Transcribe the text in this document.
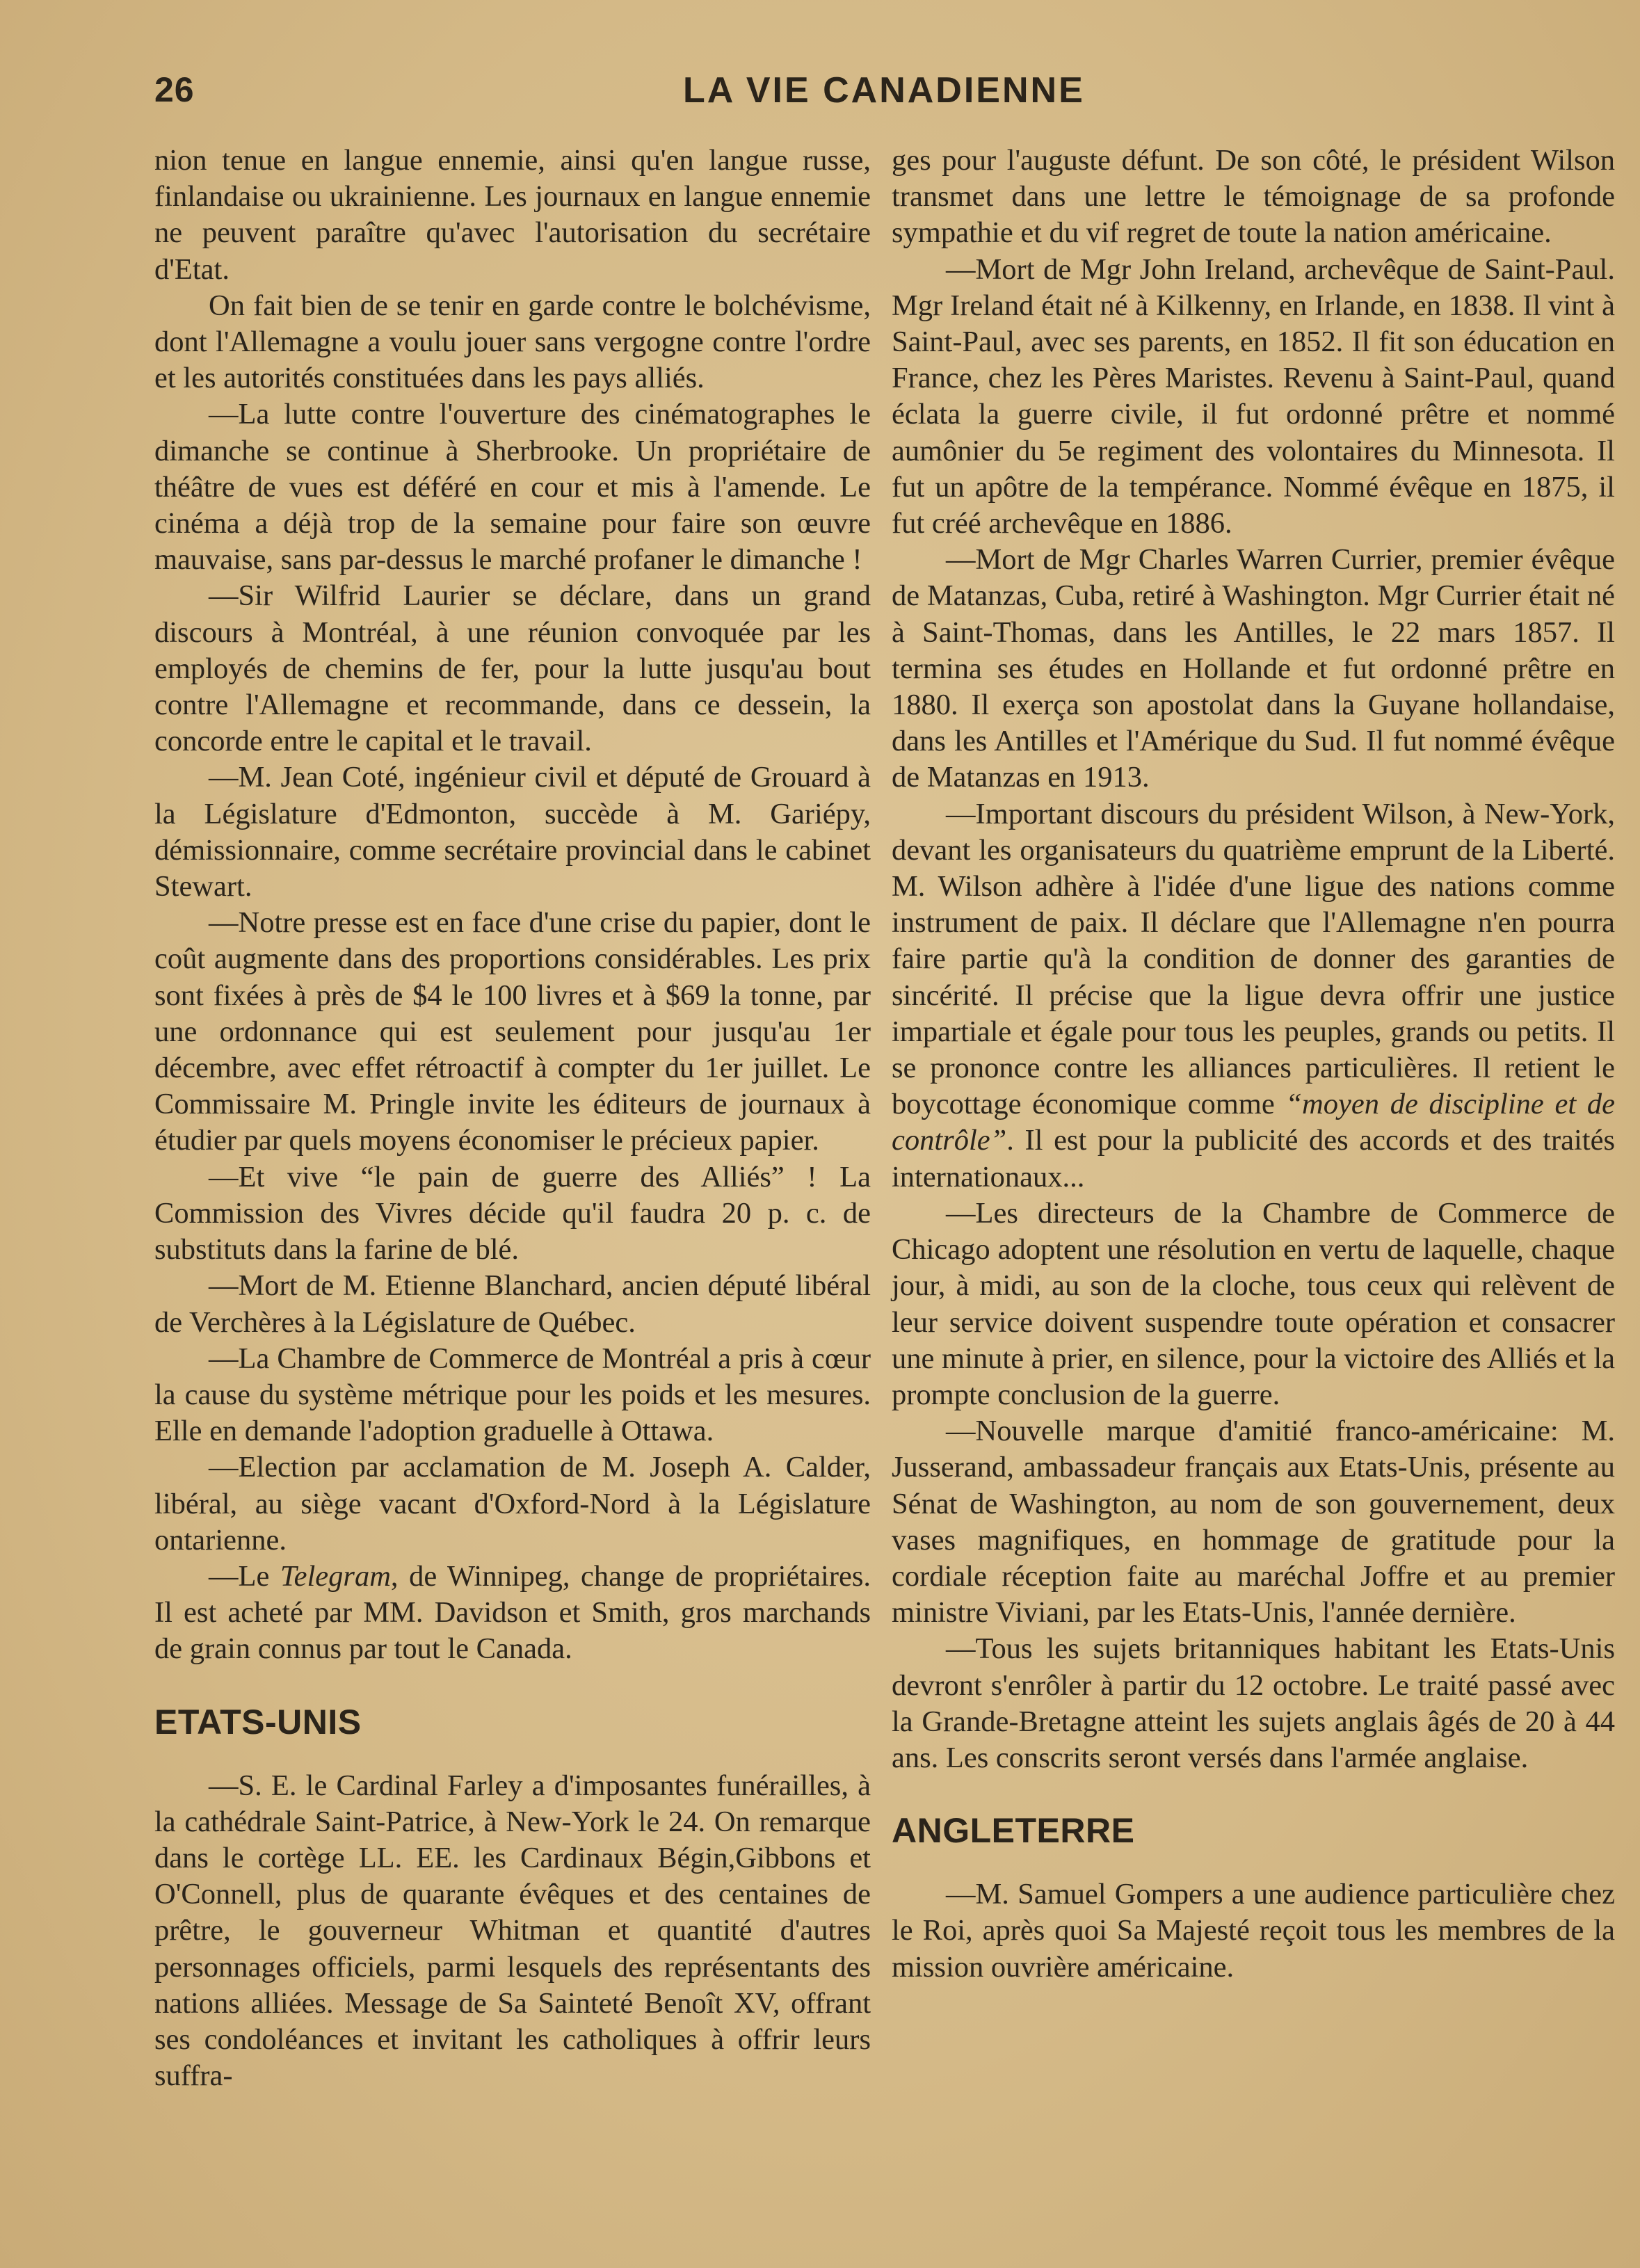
26	LA VIE CANADIENNE

nion tenue en langue ennemie, ainsi qu'en langue russe, finlandaise ou ukrainienne. Les journaux en langue ennemie ne peuvent paraître qu'avec l'autorisation du secrétaire d'Etat.

On fait bien de se tenir en garde contre le bolchévisme, dont l'Allemagne a voulu jouer sans vergogne contre l'ordre et les autorités constituées dans les pays alliés.

—La lutte contre l'ouverture des cinématographes le dimanche se continue à Sherbrooke. Un propriétaire de théâtre de vues est déféré en cour et mis à l'amende. Le cinéma a déjà trop de la semaine pour faire son œuvre mauvaise, sans par-dessus le marché profaner le dimanche !

—Sir Wilfrid Laurier se déclare, dans un grand discours à Montréal, à une réunion convoquée par les employés de chemins de fer, pour la lutte jusqu'au bout contre l'Allemagne et recommande, dans ce dessein, la concorde entre le capital et le travail.

—M. Jean Coté, ingénieur civil et député de Grouard à la Législature d'Edmonton, succède à M. Gariépy, démissionnaire, comme secrétaire provincial dans le cabinet Stewart.

—Notre presse est en face d'une crise du papier, dont le coût augmente dans des proportions considérables. Les prix sont fixées à près de $4 le 100 livres et à $69 la tonne, par une ordonnance qui est seulement pour jusqu'au 1er décembre, avec effet rétroactif à compter du 1er juillet. Le Commissaire M. Pringle invite les éditeurs de journaux à étudier par quels moyens économiser le précieux papier.

—Et vive “le pain de guerre des Alliés” ! La Commission des Vivres décide qu'il faudra 20 p. c. de substituts dans la farine de blé.

—Mort de M. Etienne Blanchard, ancien député libéral de Verchères à la Législature de Québec.

—La Chambre de Commerce de Montréal a pris à cœur la cause du système métrique pour les poids et les mesures. Elle en demande l'adoption graduelle à Ottawa.

—Election par acclamation de M. Joseph A. Calder, libéral, au siège vacant d'Oxford-Nord à la Législature ontarienne.

—Le Telegram, de Winnipeg, change de propriétaires. Il est acheté par MM. Davidson et Smith, gros marchands de grain connus par tout le Canada.

ETATS-UNIS

—S. E. le Cardinal Farley a d'imposantes funérailles, à la cathédrale Saint-Patrice, à New-York le 24. On remarque dans le cortège LL. EE. les Cardinaux Bégin,Gibbons et O'Connell, plus de quarante évêques et des centaines de prêtre, le gouverneur Whitman et quantité d'autres personnages officiels, parmi lesquels des représentants des nations alliées. Message de Sa Sainteté Benoît XV, offrant ses condoléances et invitant les catholiques à offrir leurs suffra-

ges pour l'auguste défunt. De son côté, le président Wilson transmet dans une lettre le témoignage de sa profonde sympathie et du vif regret de toute la nation américaine.

—Mort de Mgr John Ireland, archevêque de Saint-Paul. Mgr Ireland était né à Kilkenny, en Irlande, en 1838. Il vint à Saint-Paul, avec ses parents, en 1852. Il fit son éducation en France, chez les Pères Maristes. Revenu à Saint-Paul, quand éclata la guerre civile, il fut ordonné prêtre et nommé aumônier du 5e regiment des volontaires du Minnesota. Il fut un apôtre de la tempérance. Nommé évêque en 1875, il fut créé archevêque en 1886.

—Mort de Mgr Charles Warren Currier, premier évêque de Matanzas, Cuba, retiré à Washington. Mgr Currier était né à Saint-Thomas, dans les Antilles, le 22 mars 1857. Il termina ses études en Hollande et fut ordonné prêtre en 1880. Il exerça son apostolat dans la Guyane hollandaise, dans les Antilles et l'Amérique du Sud. Il fut nommé évêque de Matanzas en 1913.

—Important discours du président Wilson, à New-York, devant les organisateurs du quatrième emprunt de la Liberté. M. Wilson adhère à l'idée d'une ligue des nations comme instrument de paix. Il déclare que l'Allemagne n'en pourra faire partie qu'à la condition de donner des garanties de sincérité. Il précise que la ligue devra offrir une justice impartiale et égale pour tous les peuples, grands ou petits. Il se prononce contre les alliances particulières. Il retient le boycottage économique comme “moyen de discipline et de contrôle”. Il est pour la publicité des accords et des traités internationaux...

—Les directeurs de la Chambre de Commerce de Chicago adoptent une résolution en vertu de laquelle, chaque jour, à midi, au son de la cloche, tous ceux qui relèvent de leur service doivent suspendre toute opération et consacrer une minute à prier, en silence, pour la victoire des Alliés et la prompte conclusion de la guerre.

—Nouvelle marque d'amitié franco-américaine: M. Jusserand, ambassadeur français aux Etats-Unis, présente au Sénat de Washington, au nom de son gouvernement, deux vases magnifiques, en hommage de gratitude pour la cordiale réception faite au maréchal Joffre et au premier ministre Viviani, par les Etats-Unis, l'année dernière.

—Tous les sujets britanniques habitant les Etats-Unis devront s'enrôler à partir du 12 octobre. Le traité passé avec la Grande-Bretagne atteint les sujets anglais âgés de 20 à 44 ans. Les conscrits seront versés dans l'armée anglaise.

ANGLETERRE

—M. Samuel Gompers a une audience particulière chez le Roi, après quoi Sa Majesté reçoit tous les membres de la mission ouvrière américaine.
